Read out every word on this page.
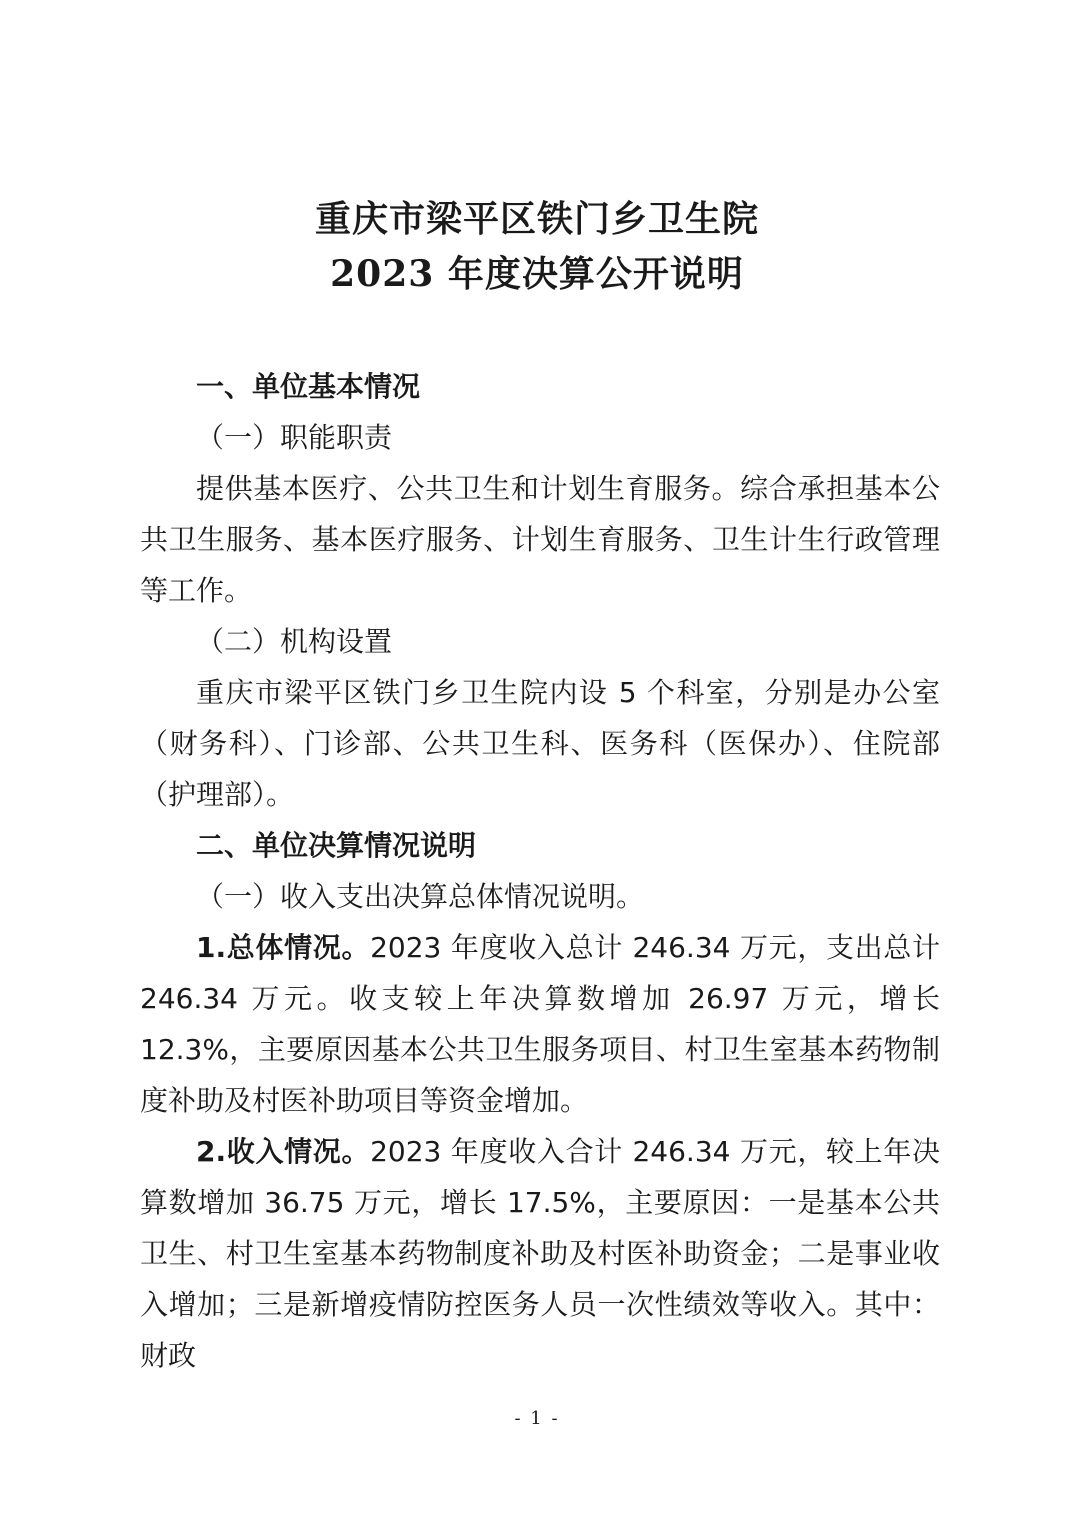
重庆市梁平区铁门乡卫生院
2023 年度决算公开说明

一、单位基本情况

（一）职能职责

提供基本医疗、公共卫生和计划生育服务。综合承担基本公共卫生服务、基本医疗服务、计划生育服务、卫生计生行政管理等工作。

（二）机构设置

重庆市梁平区铁门乡卫生院内设 5 个科室，分别是办公室（财务科）、门诊部、公共卫生科、医务科（医保办）、住院部（护理部）。

二、单位决算情况说明

（一）收入支出决算总体情况说明。

1.总体情况。2023 年度收入总计 246.34 万元，支出总计 246.34 万元。收支较上年决算数增加 26.97 万元，增长 12.3%，主要原因基本公共卫生服务项目、村卫生室基本药物制度补助及村医补助项目等资金增加。

2.收入情况。2023 年度收入合计 246.34 万元，较上年决算数增加 36.75 万元，增长 17.5%，主要原因：一是基本公共卫生、村卫生室基本药物制度补助及村医补助资金；二是事业收入增加；三是新增疫情防控医务人员一次性绩效等收入。其中：财政

- 1 -
